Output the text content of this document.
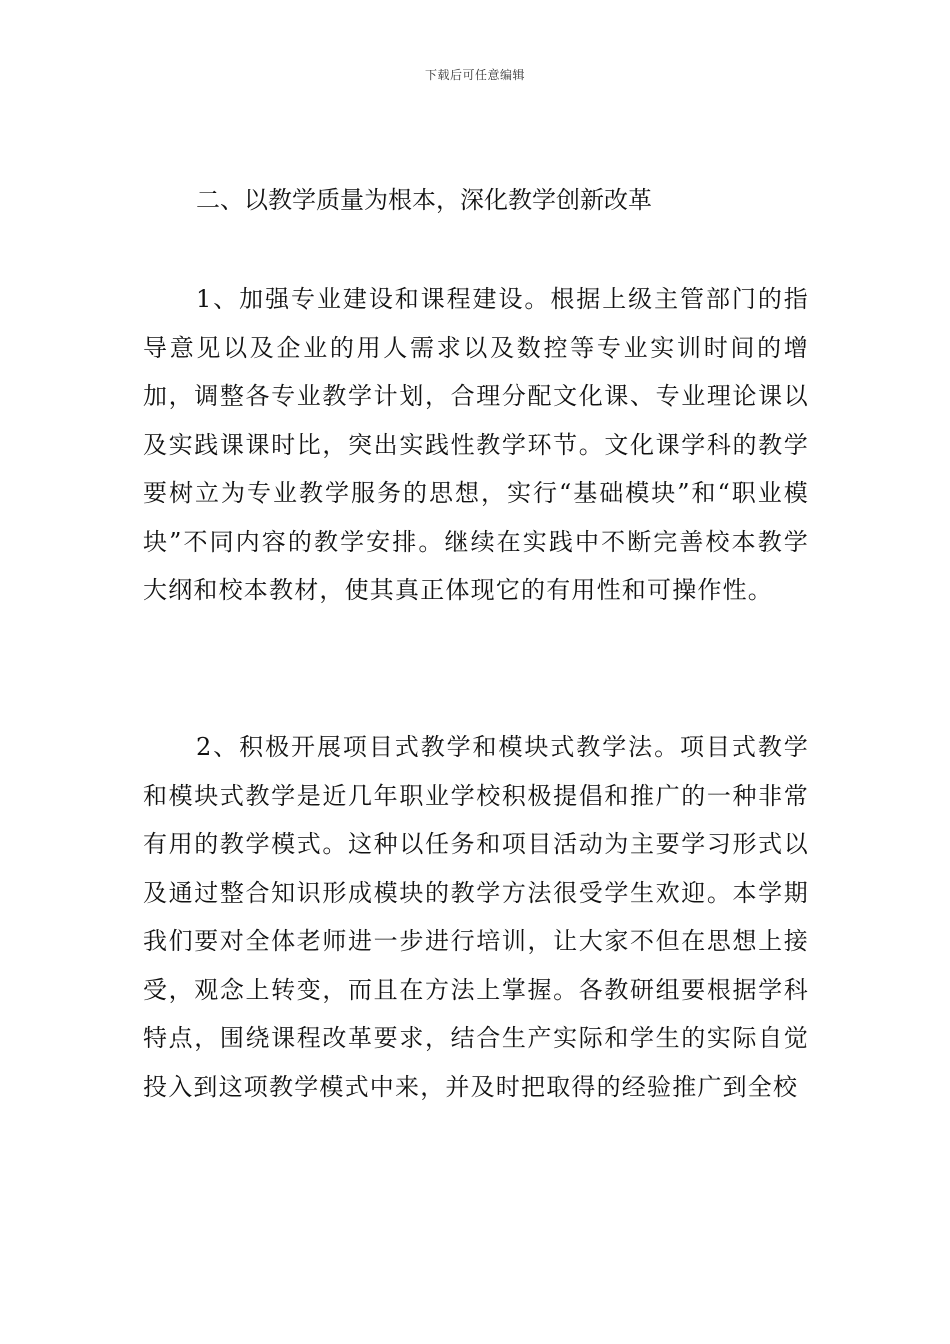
下载后可任意编辑
二、以教学质量为根本，深化教学创新改革
1、加强专业建设和课程建设。根据上级主管部门的指导意见以及企业的用人需求以及数控等专业实训时间的增加，调整各专业教学计划，合理分配文化课、专业理论课以及实践课课时比，突出实践性教学环节。文化课学科的教学要树立为专业教学服务的思想，实行“基础模块”和“职业模块”不同内容的教学安排。继续在实践中不断完善校本教学大纲和校本教材，使其真正体现它的有用性和可操作性。
2、积极开展项目式教学和模块式教学法。项目式教学和模块式教学是近几年职业学校积极提倡和推广的一种非常有用的教学模式。这种以任务和项目活动为主要学习形式以及通过整合知识形成模块的教学方法很受学生欢迎。本学期我们要对全体老师进一步进行培训，让大家不但在思想上接受，观念上转变，而且在方法上掌握。各教研组要根据学科特点，围绕课程改革要求，结合生产实际和学生的实际自觉投入到这项教学模式中来，并及时把取得的经验推广到全校
